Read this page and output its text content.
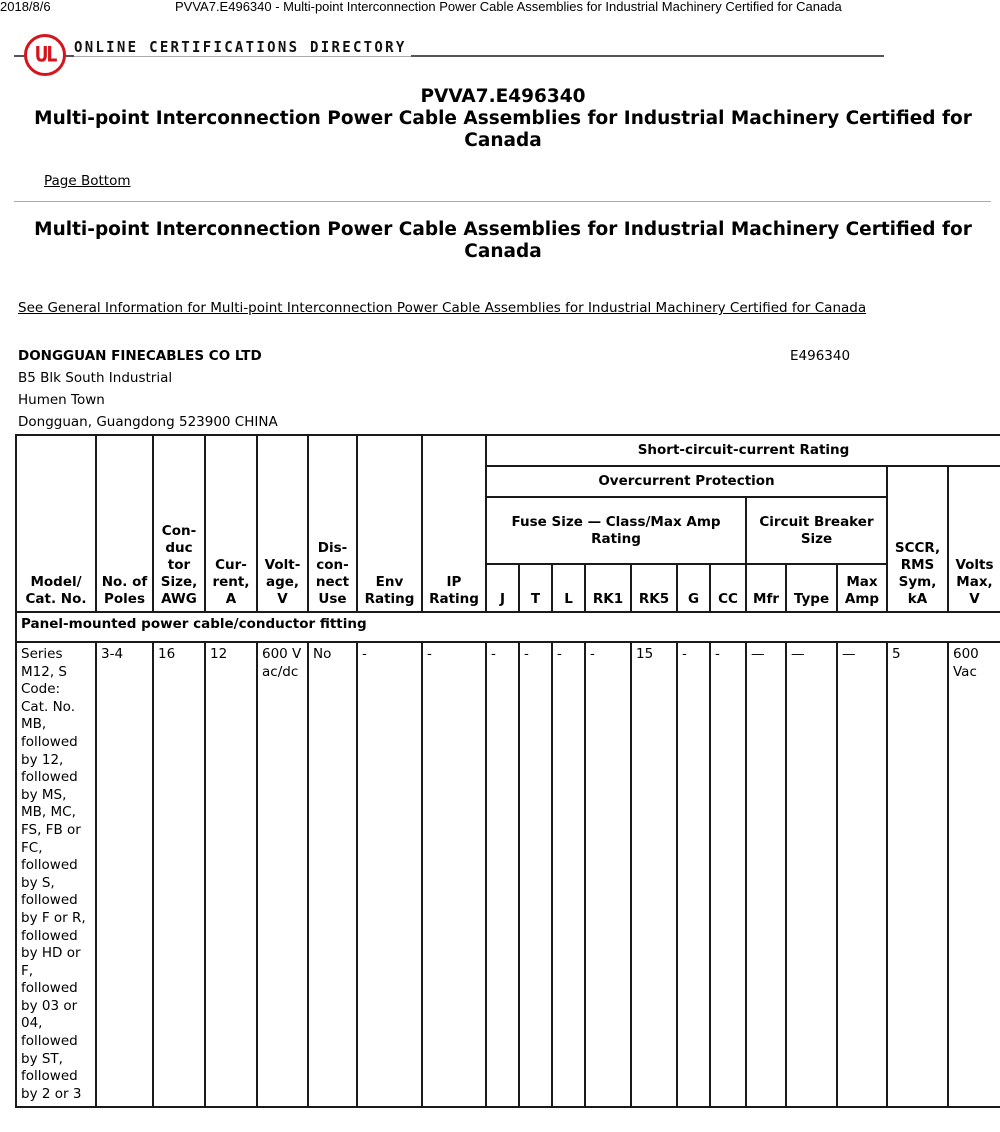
2018/8/6	PVVA7.E496340 - Multi-point Interconnection Power Cable Assemblies for Industrial Machinery Certified for Canada
UL ONLINE CERTIFICATIONS DIRECTORY
PVVA7.E496340
Multi-point Interconnection Power Cable Assemblies for Industrial Machinery Certified for Canada
Page Bottom
Multi-point Interconnection Power Cable Assemblies for Industrial Machinery Certified for Canada
See General Information for Multi-point Interconnection Power Cable Assemblies for Industrial Machinery Certified for Canada
DONGGUAN FINECABLES CO LTD
B5 Blk South Industrial
Humen Town
Dongguan, Guangdong 523900 CHINA
E496340
Model/ Cat. No.	No. of Poles	Con- duc tor Size, AWG	Cur- rent, A	Volt- age, V	Dis- con- nect Use	Env Rating	IP Rating	Short-circuit-current Rating											
								Overcurrent Protection										SCCR, RMS Sym, kA	Volts Max, V
								Fuse Size — Class/Max Amp Rating							Circuit Breaker Size				
								J	T	L	RK1	RK5	G	CC	Mfr	Type	Max Amp		
Panel-mounted power cable/conductor fitting																			
Series M12, S Code: Cat. No. MB, followed by 12, followed by MS, MB, MC, FS, FB or FC, followed by S, followed by F or R, followed by HD or F, followed by 03 or 04, followed by ST, followed by 2 or 3	3-4	16	12	600 V ac/dc	No	-	-	-	-	-	-	15	-	-	—	—	—	5	600 Vac
